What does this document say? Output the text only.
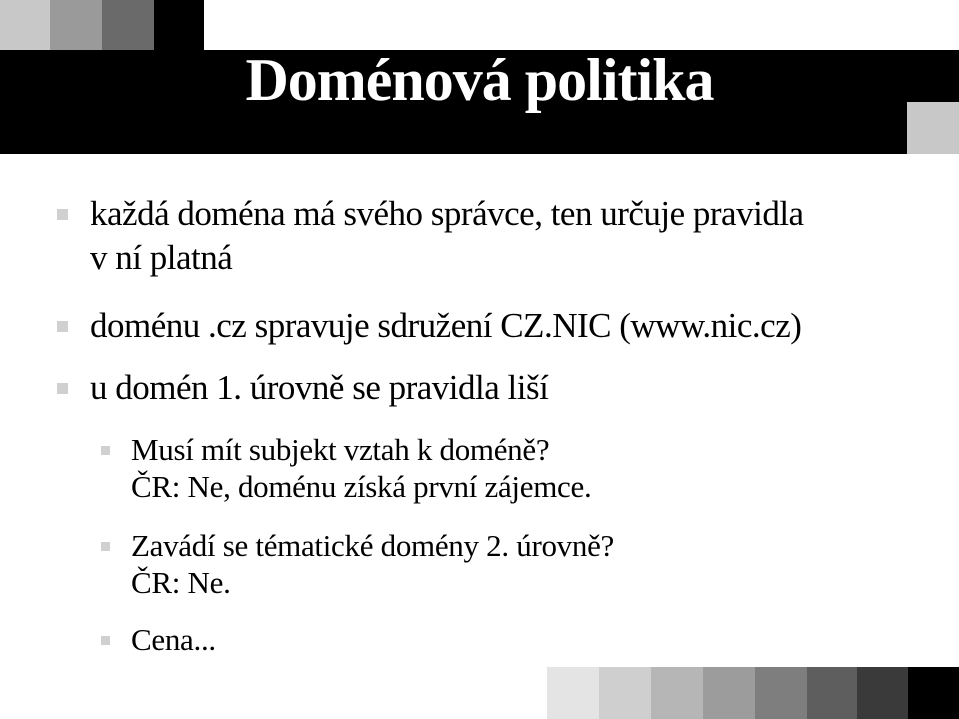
Doménová politika
každá doména má svého správce, ten určuje pravidla
v ní platná
doménu .cz spravuje sdružení CZ.NIC (www.nic.cz)
u domén 1. úrovně se pravidla liší
Musí mít subjekt vztah k doméně?
ČR: Ne, doménu získá první zájemce.
Zavádí se tématické domény 2. úrovně?
ČR: Ne.
Cena...
